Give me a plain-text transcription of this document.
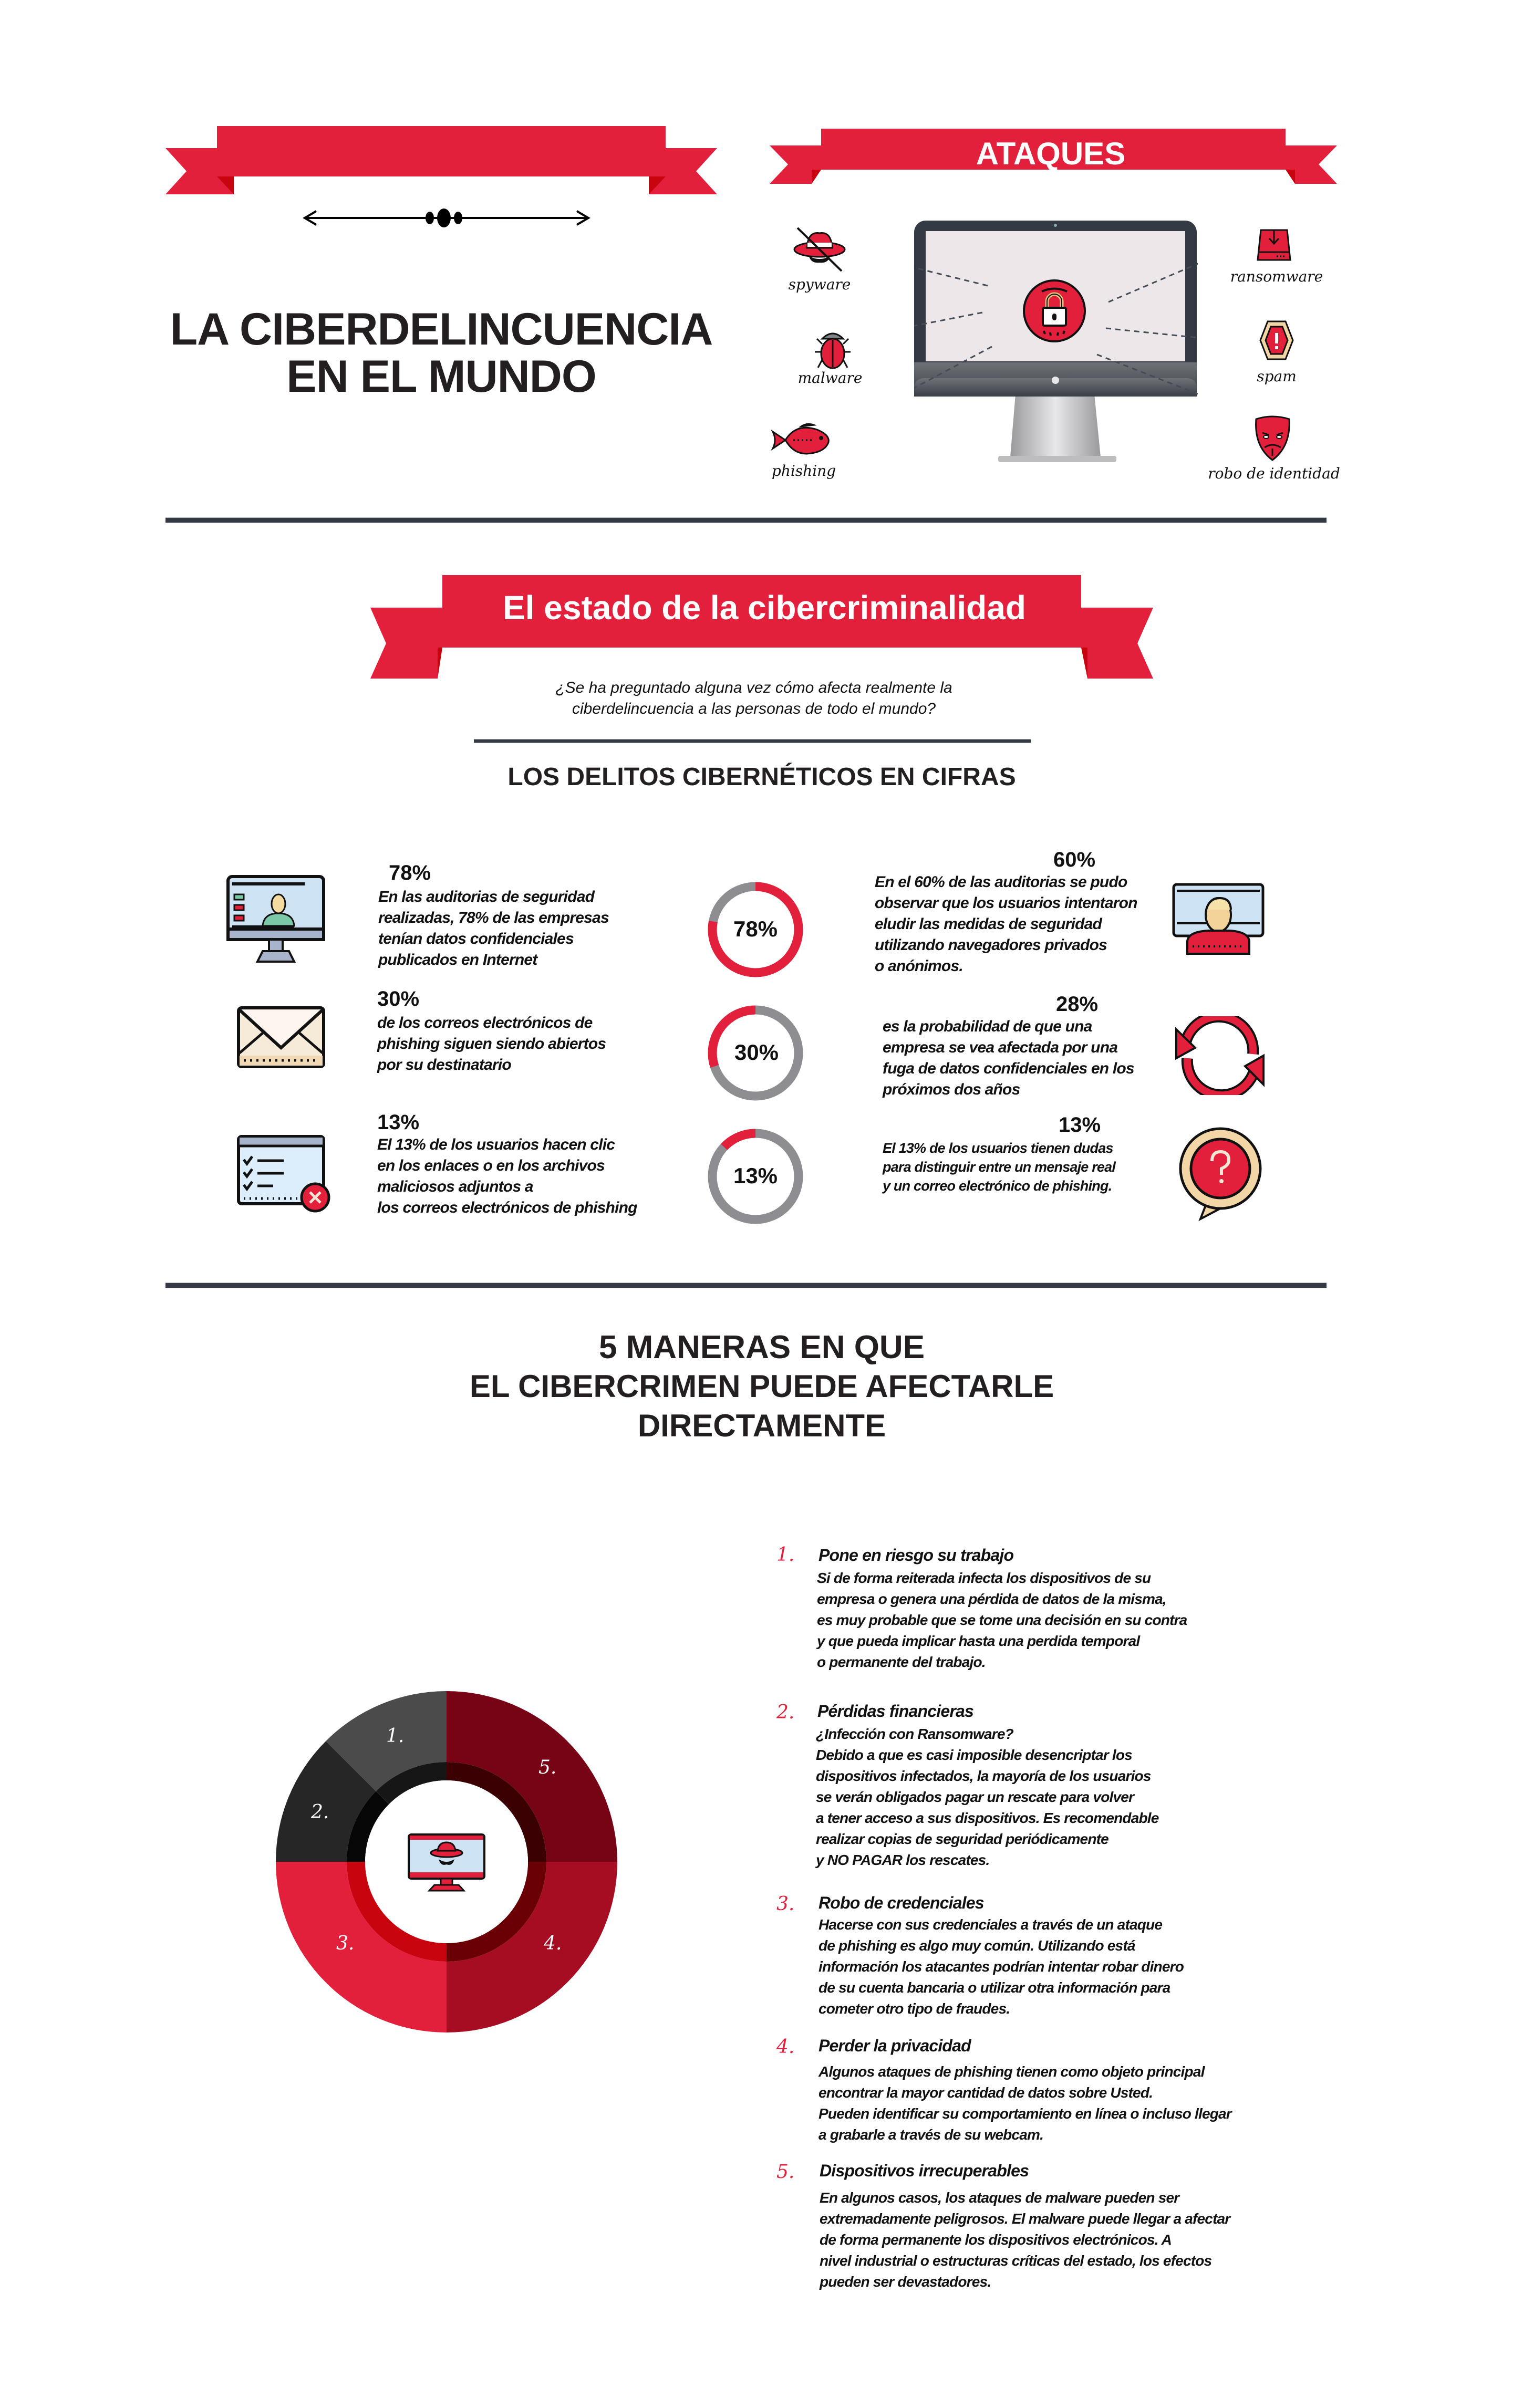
LA CIBERDELINCUENCIA
EN EL MUNDO
ATAQUES
spyware
malware
phishing
ransomware
spam
robo de identidad
El estado de la cibercriminalidad
¿Se ha preguntado alguna vez cómo afecta realmente la
ciberdelincuencia a las personas de todo el mundo?
LOS DELITOS CIBERNÉTICOS EN CIFRAS
78%
En las auditorias de seguridad
realizadas, 78% de las empresas
tenían datos confidenciales
publicados en Internet
30%
de los correos electrónicos de
phishing siguen siendo abiertos
por su destinatario
13%
El 13% de los usuarios hacen clic
en los enlaces o en los archivos
maliciosos adjuntos a
los correos electrónicos de phishing
78%
30%
13%
60%
En el 60% de las auditorias se pudo
observar que los usuarios intentaron
eludir las medidas de seguridad
utilizando navegadores privados
o anónimos.
28%
es la probabilidad de que una
empresa se vea afectada por una
fuga de datos confidenciales en los
próximos dos años
13%
El 13% de los usuarios tienen dudas
para distinguir entre un mensaje real
y un correo electrónico de phishing.
5 MANERAS EN QUE
EL CIBERCRIMEN PUEDE AFECTARLE
DIRECTAMENTE
1.
2.
3.	4.
5.
1. Pone en riesgo su trabajo
Si de forma reiterada infecta los dispositivos de su
empresa o genera una pérdida de datos de la misma,
es muy probable que se tome una decisión en su contra
y que pueda implicar hasta una perdida temporal
o permanente del trabajo.
2. Pérdidas financieras
¿Infección con Ransomware?
Debido a que es casi imposible desencriptar los
dispositivos infectados, la mayoría de los usuarios
se verán obligados pagar un rescate para volver
a tener acceso a sus dispositivos. Es recomendable
realizar copias de seguridad periódicamente
y NO PAGAR los rescates.
3. Robo de credenciales
Hacerse con sus credenciales a través de un ataque
de phishing es algo muy común. Utilizando está
información los atacantes podrían intentar robar dinero
de su cuenta bancaria o utilizar otra información para
cometer otro tipo de fraudes.
4. Perder la privacidad
Algunos ataques de phishing tienen como objeto principal
encontrar la mayor cantidad de datos sobre Usted.
Pueden identificar su comportamiento en línea o incluso llegar
a grabarle a través de su webcam.
5. Dispositivos irrecuperables
En algunos casos, los ataques de malware pueden ser
extremadamente peligrosos. El malware puede llegar a afectar
de forma permanente los dispositivos electrónicos. A
nivel industrial o estructuras críticas del estado, los efectos
pueden ser devastadores.
